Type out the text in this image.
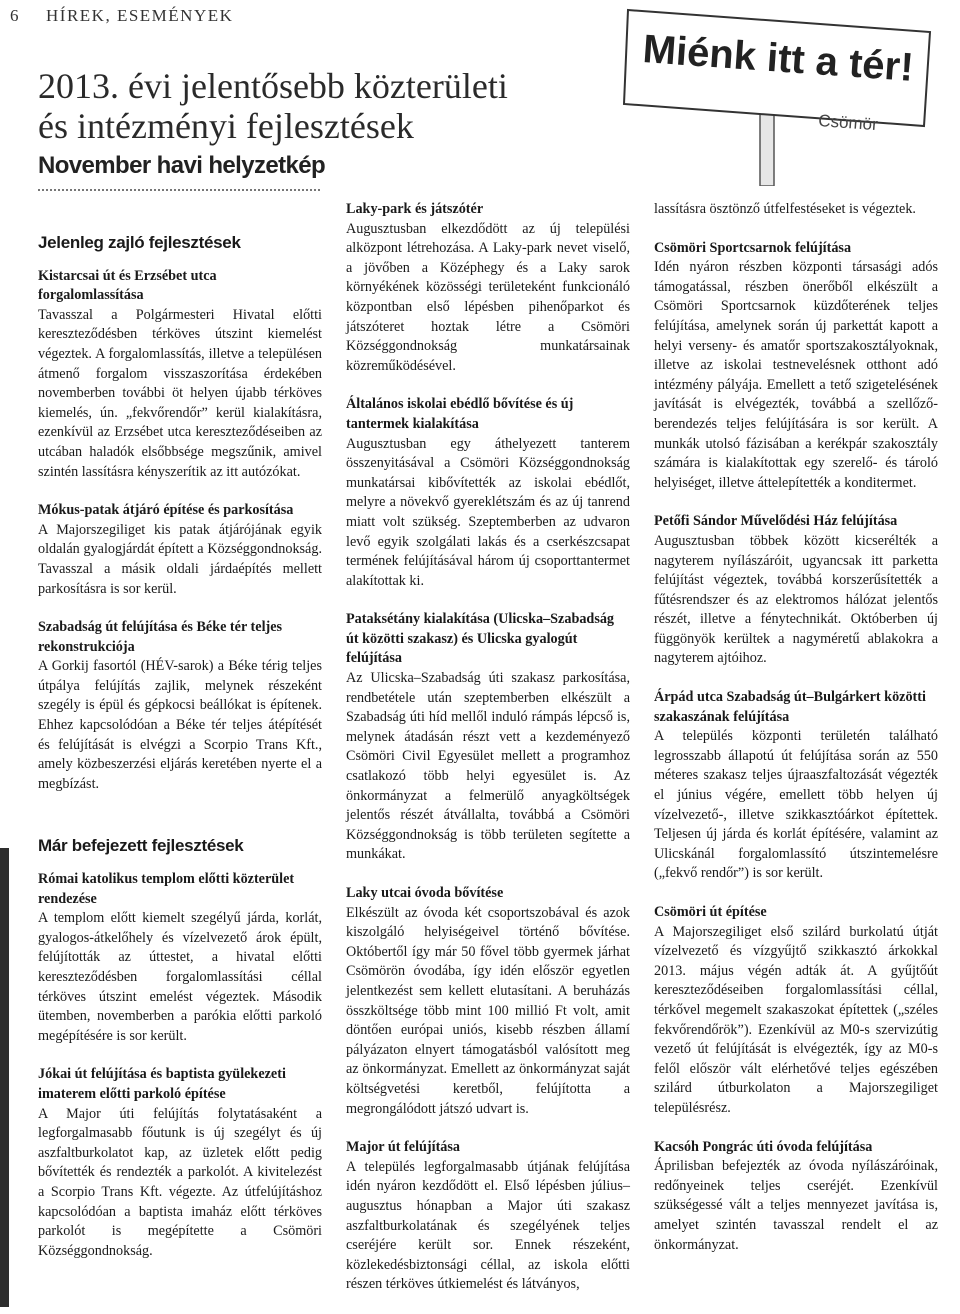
6 HÍREK, ESEMÉNYEK
2013. évi jelentősebb közterületi
és intézményi fejlesztések
November havi helyzetkép
Miénk itt a tér!
Csömör
Jelenleg zajló fejlesztések
Kistarcsai út és Erzsébet utca forgalomlassítása

Tavasszal a Polgármesteri Hivatal előtti kereszteződésben térköves útszint kiemelést végeztek. A forgalomlassítás, illetve a településen átmenő forgalom visszaszorítása érdekében novemberben további öt helyen újabb térköves kiemelés, ún. „fekvőrendőr” kerül kialakításra, ezenkívül az Erzsébet utca kereszteződéseiben az utcában haladók elsőbbsége megszűnik, amivel szintén lassításra kényszerítik az itt autózókat.

Mókus-patak átjáró építése és parkosítása

A Majorszegiliget kis patak átjárójának egyik oldalán gyalogjárdát épített a Községgondnokság. Tavasszal a másik oldali járdaépítés mellett parkosításra is sor kerül.

Szabadság út felújítása és Béke tér teljes rekonstrukciója

A Gorkij fasortól (HÉV-sarok) a Béke térig teljes útpálya felújítás zajlik, melynek részeként szegély is épül és gépkocsi beállókat is építenek. Ehhez kapcsolódóan a Béke tér teljes átépítését és felújítását is elvégzi a Scorpio Trans Kft., amely közbeszerzési eljárás keretében nyerte el a megbízást.

Már befejezett fejlesztések
Római katolikus templom előtti közterület rendezése

A templom előtt kiemelt szegélyű járda, korlát, gyalogos-átkelőhely és vízelvezető árok épült, felújították az úttestet, a hivatal előtti kereszteződésben forgalomlassítási céllal térköves útszint emelést végeztek. Második ütemben, novemberben a parókia előtti parkoló megépítésére is sor került.

Jókai út felújítása és baptista gyülekezeti imaterem előtti parkoló építése

A Major úti felújítás folytatásaként a legforgalmasabb főutunk is új szegélyt és új aszfaltburkolatot kap, az üzletek előtt pedig bővítették és rendezték a parkolót. A kivitelezést a Scorpio Trans Kft. végezte. Az útfelújításhoz kapcsolódóan a baptista imaház előtt térköves parkolót is megépítette a Csömöri Községgondnokság.

Laky-park és játszótér

Augusztusban elkezdődött az új települési alközpont létrehozása. A Laky-park nevet viselő, a jövőben a Középhegy és a Laky sarok környékének közösségi területeként funkcionáló központban első lépésben pihenőparkot és játszóteret hoztak létre a Csömöri Községgondnokság munkatársainak közreműködésével.

Általános iskolai ebédlő bővítése és új tantermek kialakítása

Augusztusban egy áthelyezett tanterem összenyitásával a Csömöri Községgondnokság munkatársai kibővítették az iskolai ebédlőt, melyre a növekvő gyereklétszám és az új tanrend miatt volt szükség. Szeptemberben az udvaron levő egyik szolgálati lakás és a cserkészcsapat termének felújításával három új csoporttantermet alakítottak ki.

Pataksétány kialakítása (Ulicska–Szabadság út közötti szakasz) és Ulicska gyalogút felújítása

Az Ulicska–Szabadság úti szakasz parkosítása, rendbetétele után szeptemberben elkészült a Szabadság úti híd mellől induló rámpás lépcső is, melynek átadásán részt vett a kezdeményező Csömöri Civil Egyesület mellett a programhoz csatlakozó több helyi egyesület is. Az önkormányzat a felmerülő anyagköltségek jelentős részét átvállalta, továbbá a Csömöri Községgondnokság is több területen segítette a munkákat.

Laky utcai óvoda bővítése

Elkészült az óvoda két csoportszobával és azok kiszolgáló helyiségeivel történő bővítése. Októbertől így már 50 fővel több gyermek járhat Csömörön óvodába, így idén először egyetlen jelentkezést sem kellett elutasítani. A beruházás összköltsége több mint 100 millió Ft volt, amit döntően európai uniós, kisebb részben államí pályázaton elnyert támogatásból valósított meg az önkormányzat. Emellett az önkormányzat saját költségvetési keretből, felújította a megrongálódott játszó udvart is.

Major út felújítása

A település legforgalmasabb útjának felújítása idén nyáron kezdődött el. Első lépésben július–augusztus hónapban a Major úti szakasz aszfaltburkolatának és szegélyének teljes cseréjére került sor. Ennek részeként, közlekedésbiztonsági céllal, az iskola előtti részen térköves útkiemelést és látványos,

lassításra ösztönző útfelfestéseket is végeztek.

Csömöri Sportcsarnok felújítása

Idén nyáron részben központi társasági adós támogatással, részben önerőből elkészült a Csömöri Sportcsarnok küzdőterének teljes felújítása, amelynek során új parkettát kapott a helyi verseny- és amatőr sportszakosztályoknak, illetve az iskolai testnevelésnek otthont adó intézmény pályája. Emellett a tető szigetelésének javítását is elvégezték, továbbá a szellőző-berendezés teljes felújítására is sor került. A munkák utolsó fázisában a kerékpár szakosztály számára is kialakítottak egy szerelő- és tároló helyiséget, illetve áttelepítették a konditermet.

Petőfi Sándor Művelődési Ház felújítása

Augusztusban többek között kicserélték a nagyterem nyílászáróit, ugyancsak itt parketta felújítást végeztek, továbbá korszerűsítették a fűtésrendszer és az elektromos hálózat jelentős részét, illetve a fénytechnikát. Októberben új függönyök kerültek a nagyméretű ablakokra a nagyterem ajtóihoz.

Árpád utca Szabadság út–Bulgárkert közötti szakaszának felújítása

A település központi területén található legrosszabb állapotú út felújítása során az 550 méteres szakasz teljes újraaszfaltozását végezték el június végére, emellett több helyen új vízelvezető-, illetve szikkasztóárkot építettek. Teljesen új járda és korlát építésére, valamint az Ulicskánál forgalomlassító útszintemelésre („fekvő rendőr”) is sor került.

Csömöri út építése

A Majorszegiliget első szilárd burkolatú útját vízelvezető és vízgyűjtő szikkasztó árkokkal 2013. május végén adták át. A gyűjtőút kereszteződéseiben forgalomlassítási céllal, térkővel megemelt szakaszokat építettek („széles fekvőrendőrök”). Ezenkívül az M0-s szervizútig vezető út felújítását is elvégezték, így az M0-s felől először vált elérhetővé teljes egészében szilárd útburkolaton a Majorszegiliget településrész.

Kacsóh Pongrác úti óvoda felújítása

Áprilisban befejezték az óvoda nyílászáróinak, redőnyeinek teljes cseréjét. Ezenkívül szükségessé vált a teljes mennyezet javítása is, amelyet szintén tavasszal rendelt el az önkormányzat.
